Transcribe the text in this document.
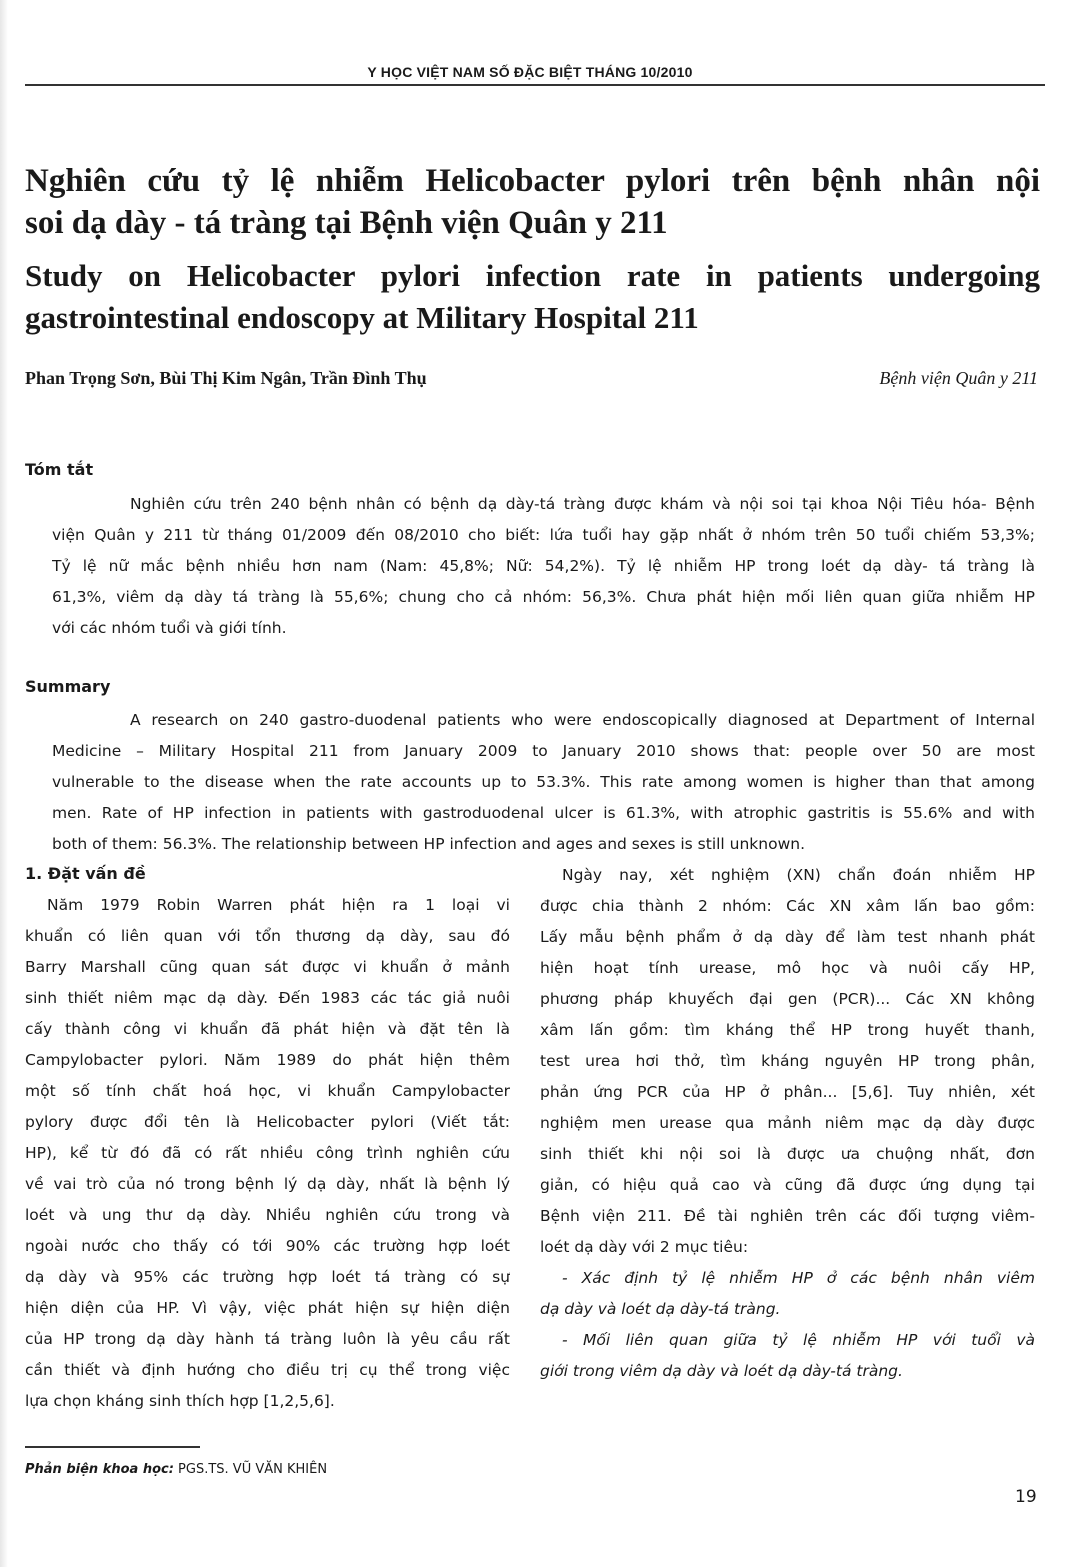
Y HỌC VIỆT NAM SỐ ĐẶC BIỆT THÁNG 10/2010
Nghiên cứu tỷ lệ nhiễm Helicobacter pylori trên bệnh nhân nội
soi dạ dày - tá tràng tại Bệnh viện Quân y 211
Study on Helicobacter pylori infection rate in patients undergoing
gastrointestinal endoscopy at Military Hospital 211
Phan Trọng Sơn, Bùi Thị Kim Ngân, Trần Đình Thụ	Bệnh viện Quân y 211
Tóm tắt
Nghiên cứu trên 240 bệnh nhân có bệnh dạ dày-tá tràng được khám và nội soi tại khoa Nội Tiêu hóa- Bệnh
viện Quân y 211 từ tháng 01/2009 đến 08/2010 cho biết: lứa tuổi hay gặp nhất ở nhóm trên 50 tuổi chiếm 53,3%;
Tỷ lệ nữ mắc bệnh nhiều hơn nam (Nam: 45,8%; Nữ: 54,2%). Tỷ lệ nhiễm HP trong loét dạ dày- tá tràng là
61,3%, viêm dạ dày tá tràng là 55,6%; chung cho cả nhóm: 56,3%. Chưa phát hiện mối liên quan giữa nhiễm HP
với các nhóm tuổi và giới tính.
Summary
A research on 240 gastro-duodenal patients who were endoscopically diagnosed at Department of Internal
Medicine – Military Hospital 211 from January 2009 to January 2010 shows that: people over 50 are most
vulnerable to the disease when the rate accounts up to 53.3%. This rate among women is higher than that among
men. Rate of HP infection in patients with gastroduodenal ulcer is 61.3%, with atrophic gastritis is 55.6% and with
both of them: 56.3%. The relationship between HP infection and ages and sexes is still unknown.
1. Đặt vấn đề
Năm 1979 Robin Warren phát hiện ra 1 loại vi
khuẩn có liên quan với tổn thương dạ dày, sau đó
Barry Marshall cũng quan sát được vi khuẩn ở mảnh
sinh thiết niêm mạc dạ dày. Đến 1983 các tác giả nuôi
cấy thành công vi khuẩn đã phát hiện và đặt tên là
Campylobacter pylori. Năm 1989 do phát hiện thêm
một số tính chất hoá học, vi khuẩn Campylobacter
pylory được đổi tên là Helicobacter pylori (Viết tắt:
HP), kể từ đó đã có rất nhiều công trình nghiên cứu
về vai trò của nó trong bệnh lý dạ dày, nhất là bệnh lý
loét và ung thư dạ dày. Nhiều nghiên cứu trong và
ngoài nước cho thấy có tới 90% các trường hợp loét
dạ dày và 95% các trường hợp loét tá tràng có sự
hiện diện của HP. Vì vậy, việc phát hiện sự hiện diện
của HP trong dạ dày hành tá tràng luôn là yêu cầu rất
cần thiết và định hướng cho điều trị cụ thể trong việc
lựa chọn kháng sinh thích hợp [1,2,5,6].
Ngày nay, xét nghiệm (XN) chẩn đoán nhiễm HP
được chia thành 2 nhóm: Các XN xâm lấn bao gồm:
Lấy mẫu bệnh phẩm ở dạ dày để làm test nhanh phát
hiện hoạt tính urease, mô học và nuôi cấy HP,
phương pháp khuyếch đại gen (PCR)... Các XN không
xâm lấn gồm: tìm kháng thể HP trong huyết thanh,
test urea hơi thở, tìm kháng nguyên HP trong phân,
phản ứng PCR của HP ở phân... [5,6]. Tuy nhiên, xét
nghiệm men urease qua mảnh niêm mạc dạ dày được
sinh thiết khi nội soi là được ưa chuộng nhất, đơn
giản, có hiệu quả cao và cũng đã được ứng dụng tại
Bệnh viện 211. Đề tài nghiên trên các đối tượng viêm-
loét dạ dày với 2 mục tiêu:
- Xác định tỷ lệ nhiễm HP ở các bệnh nhân viêm
dạ dày và loét dạ dày-tá tràng.
- Mối liên quan giữa tỷ lệ nhiễm HP với tuổi và
giới trong viêm dạ dày và loét dạ dày-tá tràng.
Phản biện khoa học: PGS.TS. VŨ VĂN KHIÊN
19
